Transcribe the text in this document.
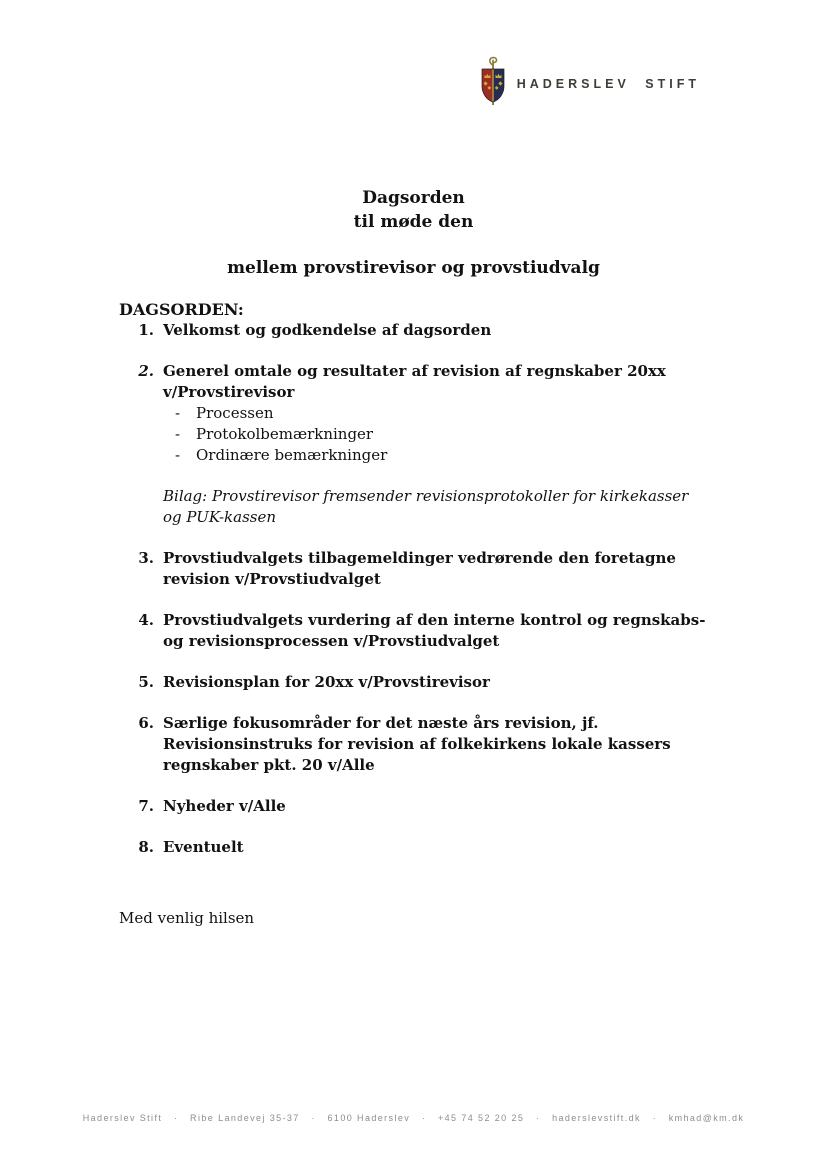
HADERSLEV STIFT
Dagsorden
til møde den
mellem provstirevisor og provstiudvalg
DAGSORDEN:
1. Velkomst og godkendelse af dagsorden
2. Generel omtale og resultater af revision af regnskaber 20xx v/Provstirevisor
-	Processen
-	Protokolbemærkninger
-	Ordinære bemærkninger
Bilag: Provstirevisor fremsender revisionsprotokoller for kirkekasser og PUK-kassen
3. Provstiudvalgets tilbagemeldinger vedrørende den foretagne revision v/Provstiudvalget
4. Provstiudvalgets vurdering af den interne kontrol og regnskabs- og revisionsprocessen v/Provstiudvalget
5. Revisionsplan for 20xx v/Provstirevisor
6. Særlige fokusområder for det næste års revision, jf. Revisionsinstruks for revision af folkekirkens lokale kassers regnskaber pkt. 20 v/Alle
7. Nyheder v/Alle
8. Eventuelt
Med venlig hilsen
Haderslev Stift   ·   Ribe Landevej 35-37   ·   6100 Haderslev   ·   +45 74 52 20 25   ·   haderslevstift.dk   ·   kmhad@km.dk
